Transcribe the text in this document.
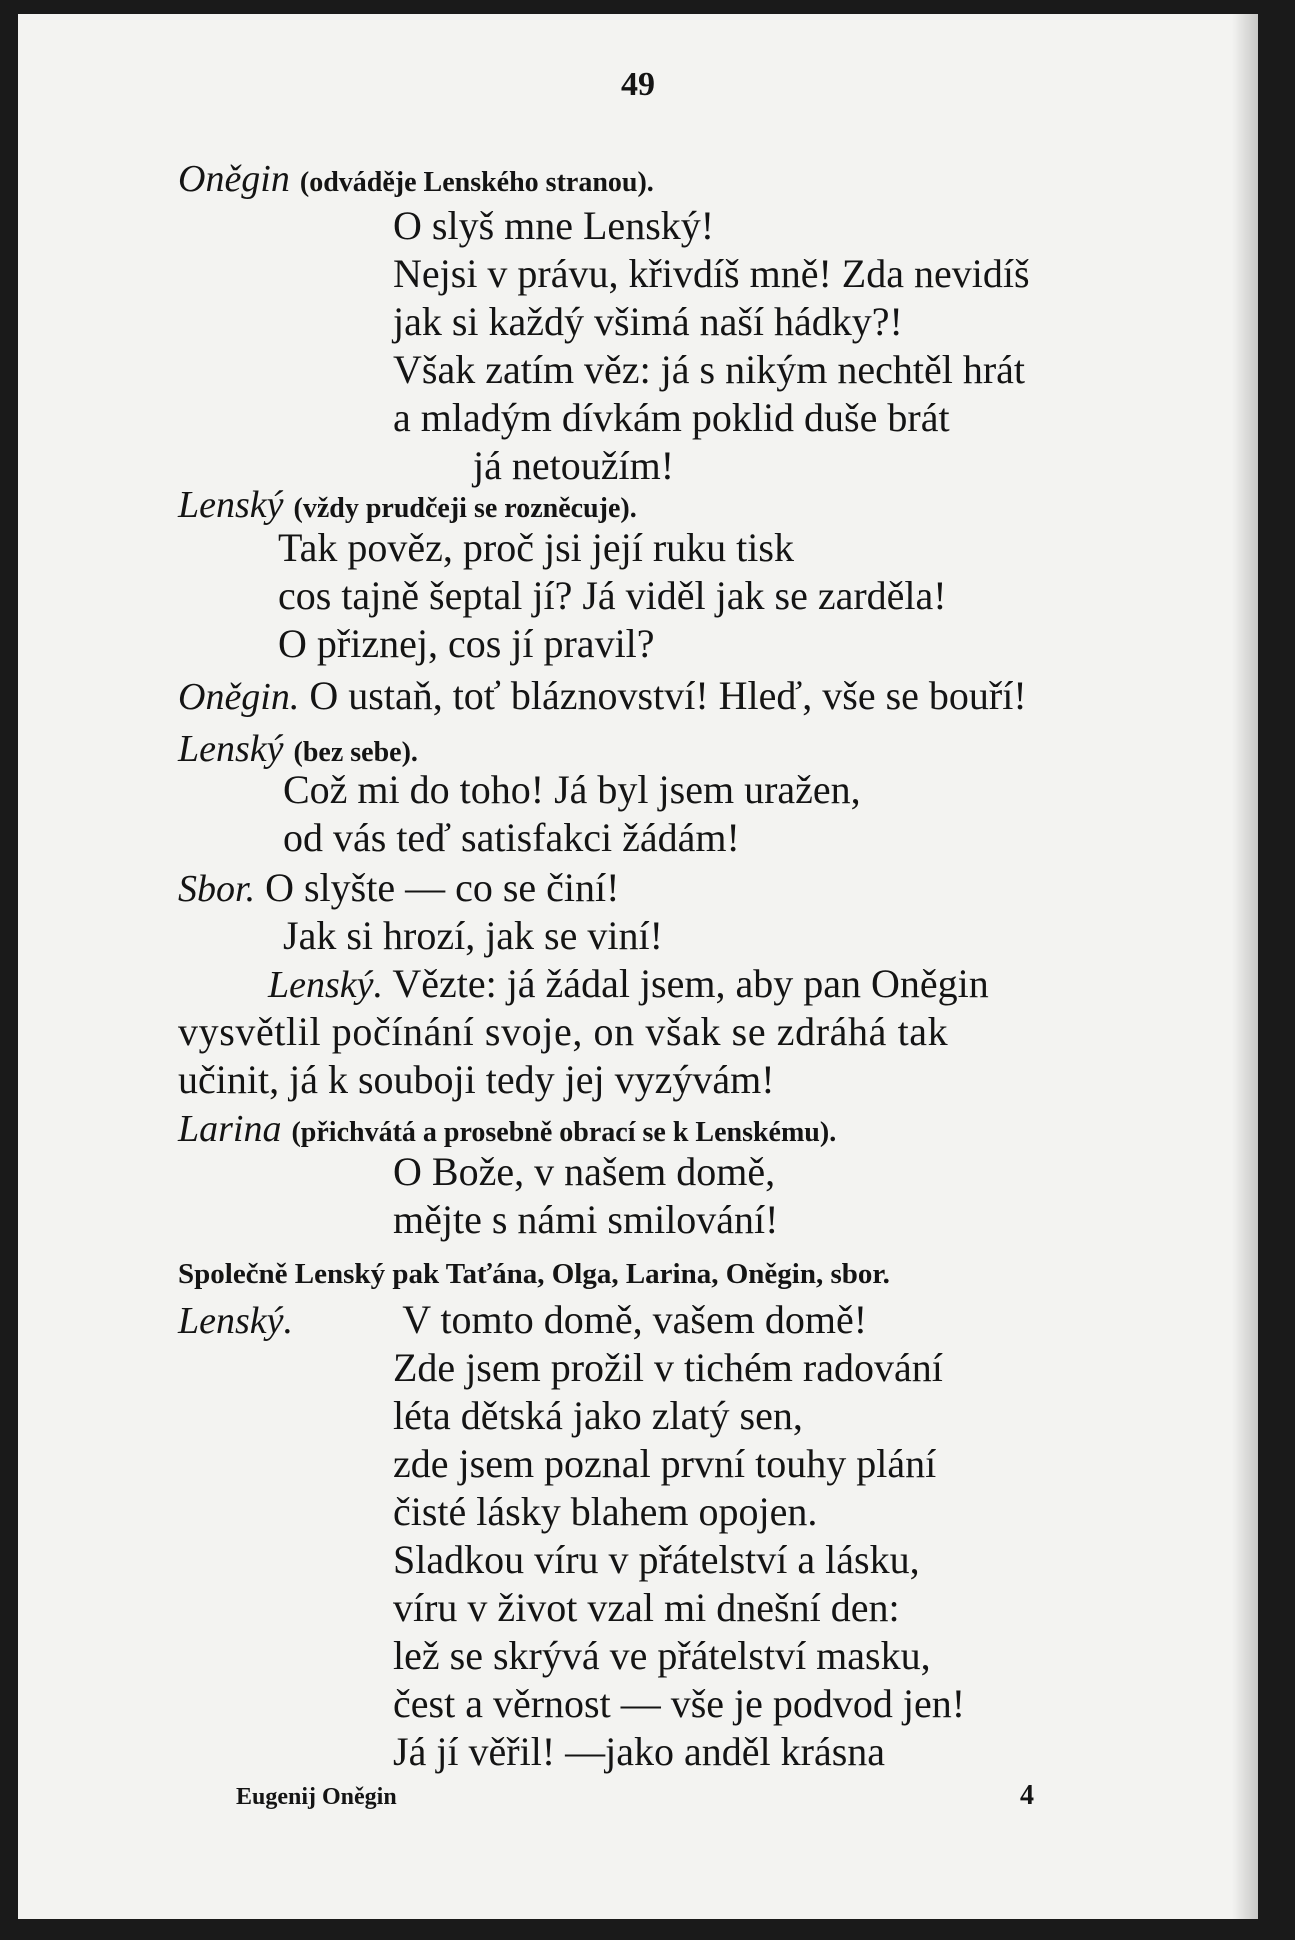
49
Oněgin (odváděje Lenského stranou).
O slyš mne Lenský!
Nejsi v právu, křivdíš mně! Zda nevidíš
jak si každý všimá naší hádky?!
Však zatím věz: já s nikým nechtěl hrát
a mladým dívkám poklid duše brát
já netoužím!
Lenský (vždy prudčeji se rozněcuje).
Tak pověz, proč jsi její ruku tisk
cos tajně šeptal jí? Já viděl jak se zarděla!
O přiznej, cos jí pravil?
Oněgin. O ustaň, toť bláznovství! Hleď, vše se bouří!
Lenský (bez sebe).
Což mi do toho! Já byl jsem uražen,
od vás teď satisfakci žádám!
Sbor. O slyšte — co se činí!
Jak si hrozí, jak se viní!
Lenský. Vězte: já žádal jsem, aby pan Oněgin
vysvětlil počínání svoje, on však se zdráhá tak
učinit, já k souboji tedy jej vyzývám!
Larina (přichvátá a prosebně obrací se k Lenskému).
O Bože, v našem domě,
mějte s námi smilování!
Společně Lenský pak Taťána, Olga, Larina, Oněgin, sbor.
Lenský.	V tomto domě, vašem domě!
Zde jsem prožil v tichém radování
léta dětská jako zlatý sen,
zde jsem poznal první touhy plání
čisté lásky blahem opojen.
Sladkou víru v přátelství a lásku,
víru v život vzal mi dnešní den:
lež se skrývá ve přátelství masku,
čest a věrnost — vše je podvod jen!
Já jí věřil! —jako anděl krásna
Eugenij Oněgin	4
